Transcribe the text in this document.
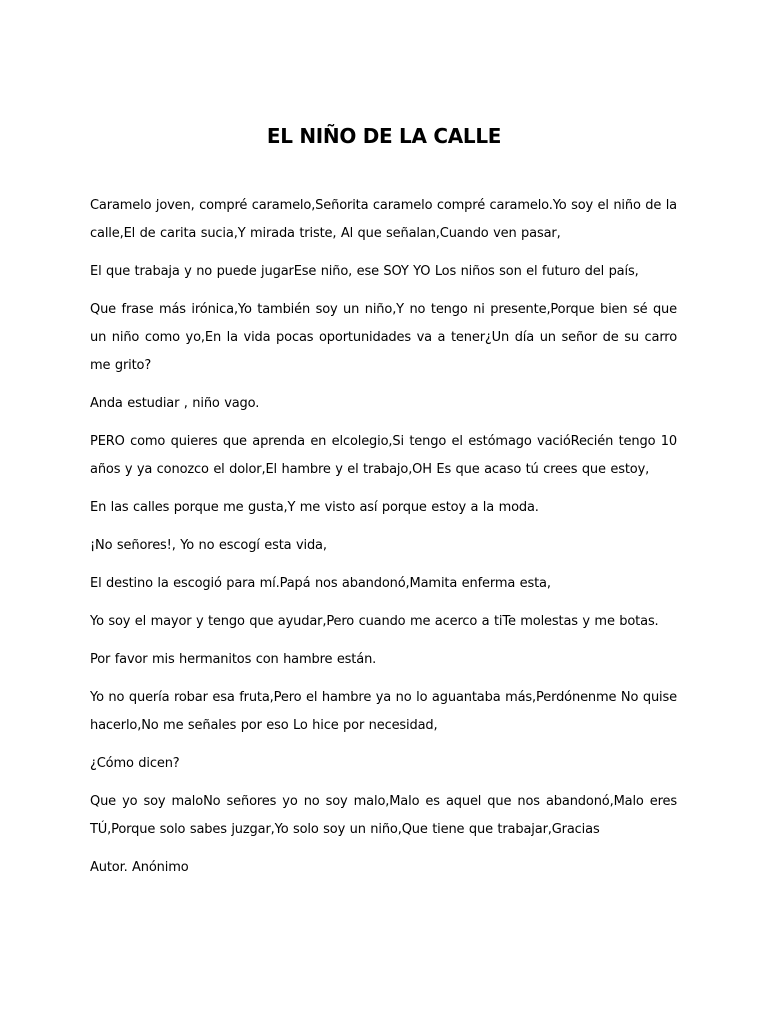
EL NIÑO DE LA CALLE

Caramelo joven, compré caramelo,Señorita caramelo compré caramelo.Yo soy el niño de la calle,El de carita sucia,Y mirada triste, Al que señalan,Cuando ven pasar,

El que trabaja y no puede jugarEse niño, ese SOY YO Los niños son el futuro del país,

Que frase más irónica,Yo también soy un niño,Y no tengo ni presente,Porque bien sé que un niño como yo,En la vida pocas oportunidades va a tener¿Un día un señor de su carro me grito?

Anda estudiar , niño vago.

PERO como quieres que aprenda en elcolegio,Si tengo el estómago vacióRecién tengo 10 años y ya conozco el dolor,El hambre y el trabajo,OH Es que acaso tú crees que estoy,

En las calles porque me gusta,Y me visto así porque estoy a la moda.

¡No señores!, Yo no escogí esta vida,

El destino la escogió para mí.Papá nos abandonó,Mamita enferma esta,

Yo soy el mayor y tengo que ayudar,Pero cuando me acerco a tiTe molestas y me botas.

Por favor mis hermanitos con hambre están.

Yo no quería robar esa fruta,Pero el hambre ya no lo aguantaba más,Perdónenme No quise hacerlo,No me señales por eso Lo hice por necesidad,

¿Cómo dicen?

Que yo soy maloNo señores yo no soy malo,Malo es aquel que nos abandonó,Malo eres TÚ,Porque solo sabes juzgar,Yo solo soy un niño,Que tiene que trabajar,Gracias

Autor. Anónimo
